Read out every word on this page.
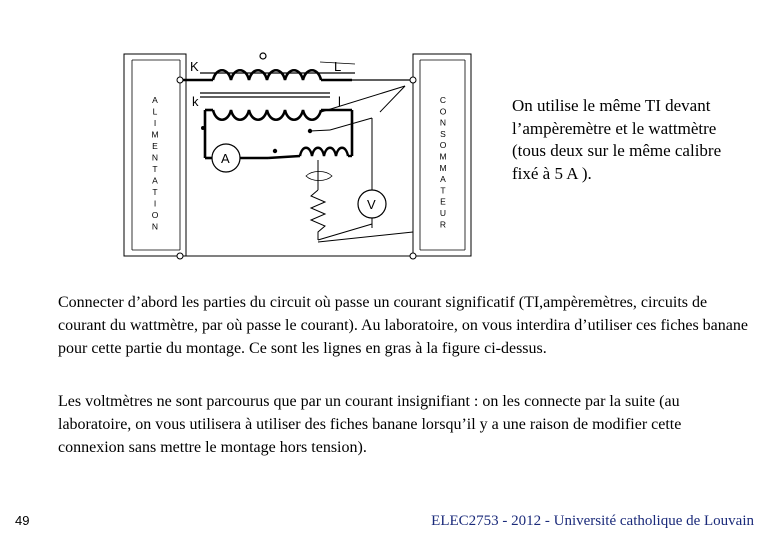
A
L
I
M
E
N
T
A
T
I
O
N
C
O
N
S
O
M
M
A
T
E
U
R
K	L
k	l
A
V
On utilise le même TI devant l’ampèremètre et le wattmètre (tous deux sur le même calibre fixé à 5 A ).
Connecter d’abord les parties du circuit où passe un courant significatif (TI,ampèremètres, circuits de courant du wattmètre, par où passe le courant). Au laboratoire, on vous interdira d’utiliser ces fiches banane pour cette partie du montage. Ce sont les lignes en gras à la figure ci-dessus.
Les voltmètres ne sont parcourus que par un courant insignifiant : on les connecte par la suite (au laboratoire, on vous utilisera à utiliser des fiches banane lorsqu’il y a une raison de modifier cette connexion sans mettre le montage hors tension).
49	ELEC2753 - 2012 - Université catholique de Louvain
